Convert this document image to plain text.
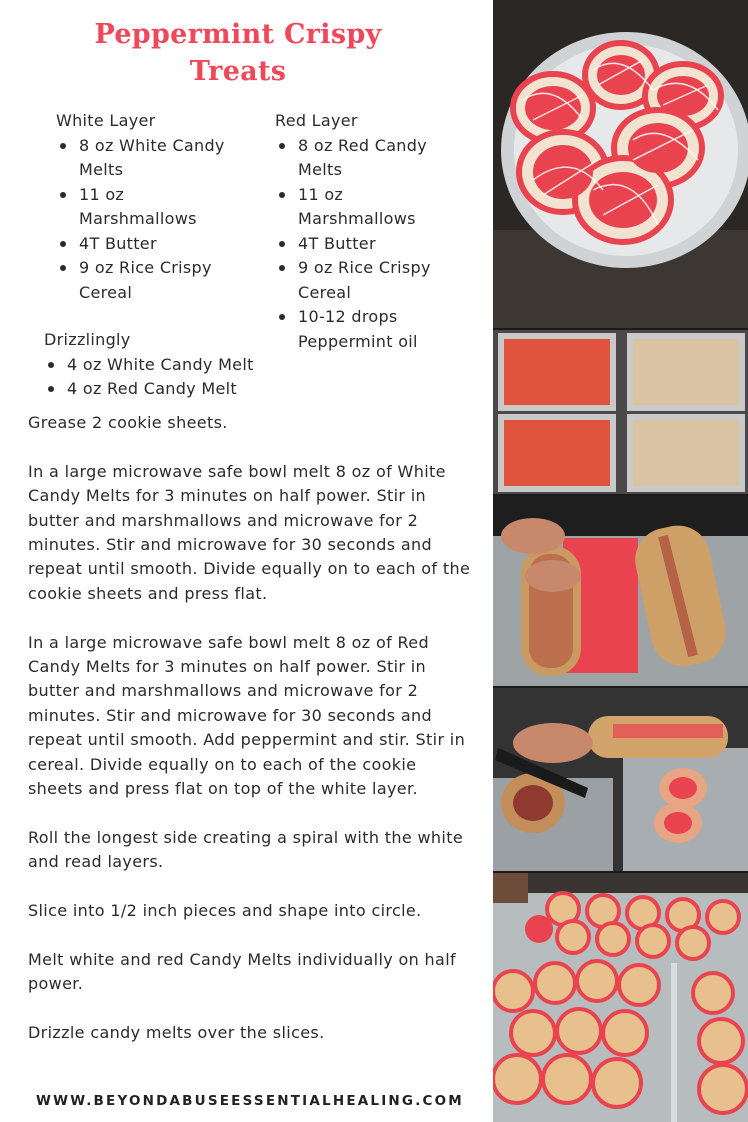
Peppermint Crispy
Treats
White Layer
8 oz White Candy Melts
11 oz Marshmallows
4T Butter
9 oz Rice Crispy Cereal
Red Layer
8 oz Red Candy Melts
11 oz Marshmallows
4T Butter
9 oz Rice Crispy Cereal
10-12 drops Peppermint oil
Drizzlingly
4 oz White Candy Melt
4 oz Red Candy Melt

Grease 2 cookie sheets.

In a large microwave safe bowl melt 8 oz of White Candy Melts for 3 minutes on half power. Stir in butter and marshmallows and microwave for 2 minutes. Stir and microwave for 30 seconds and repeat until smooth. Divide equally on to each of the cookie sheets and press flat.

In a large microwave safe bowl melt 8 oz of Red Candy Melts for 3 minutes on half power. Stir in butter and marshmallows and microwave for 2 minutes. Stir and microwave for 30 seconds and repeat until smooth. Add peppermint and stir. Stir in cereal. Divide equally on to each of the cookie sheets and press flat on top of the white layer.

Roll the longest side creating a spiral with the white and read layers.

Slice into 1/2 inch pieces and shape into circle.

Melt white and red Candy Melts individually on half power.

Drizzle candy melts over the slices.

WWW.BEYONDABUSEESSENTIALHEALING.COM
